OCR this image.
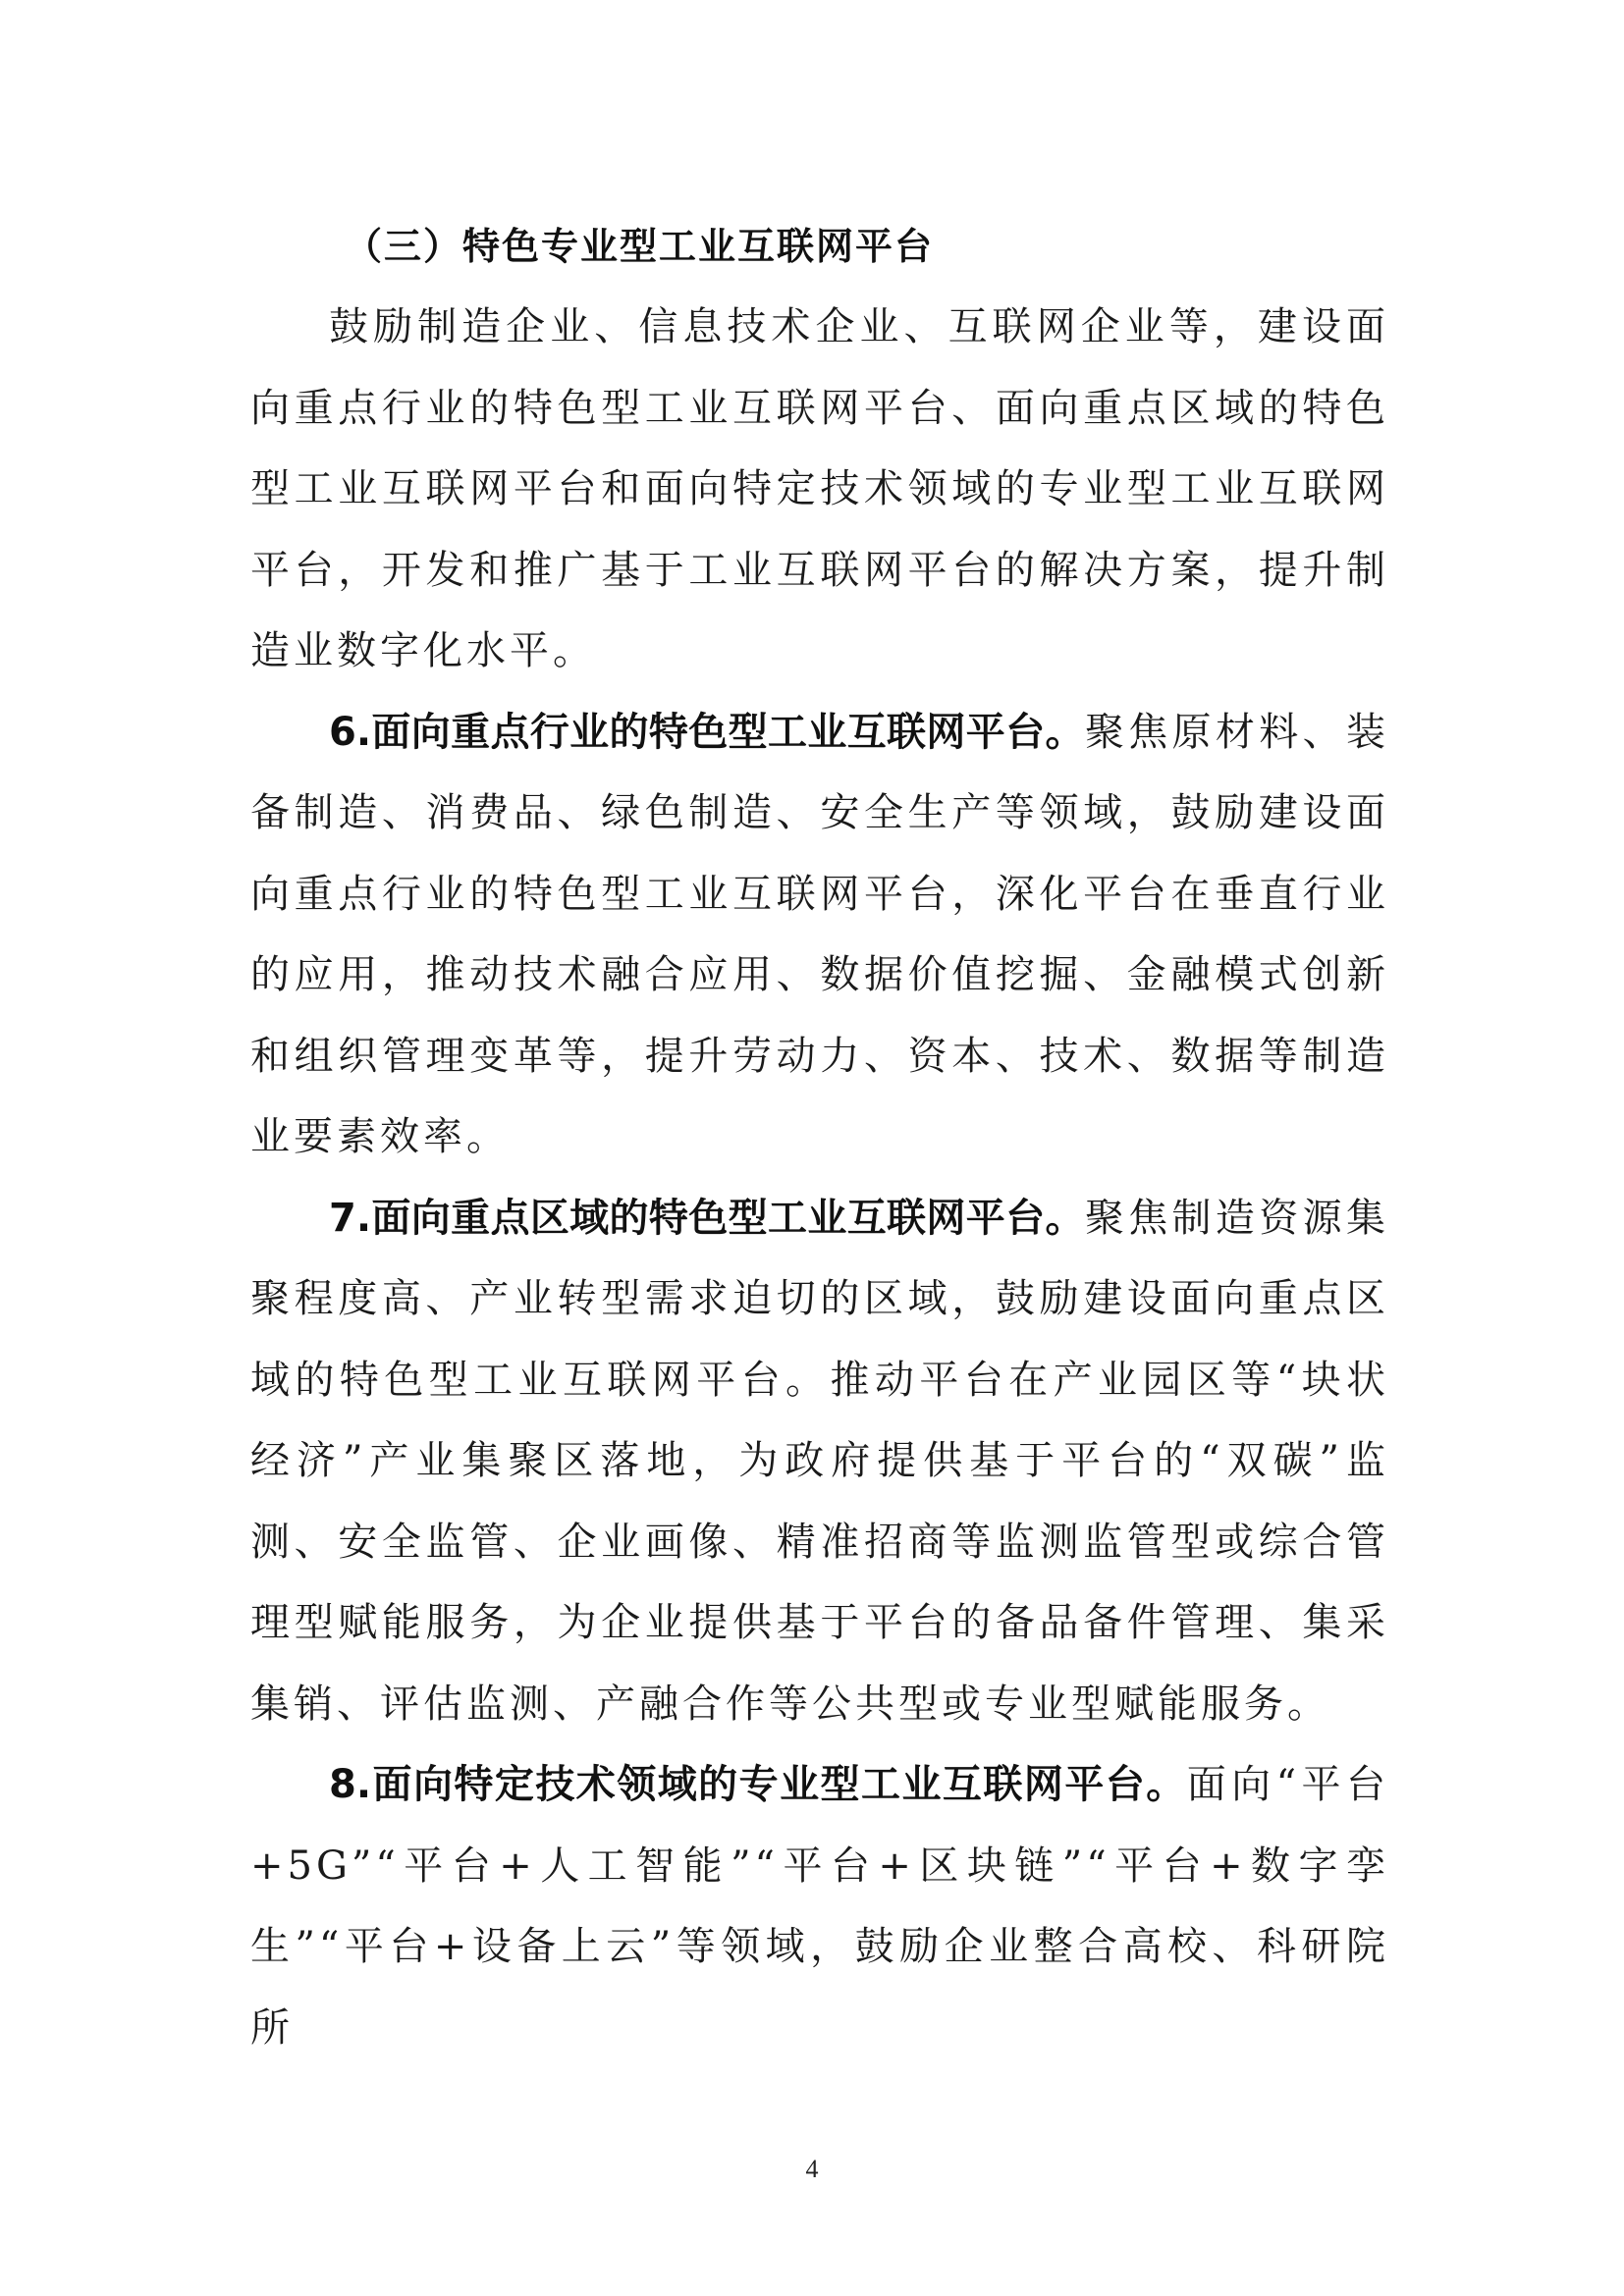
（三）特色专业型工业互联网平台

鼓励制造企业、信息技术企业、互联网企业等，建设面向重点行业的特色型工业互联网平台、面向重点区域的特色型工业互联网平台和面向特定技术领域的专业型工业互联网平台，开发和推广基于工业互联网平台的解决方案，提升制造业数字化水平。

6.面向重点行业的特色型工业互联网平台。聚焦原材料、装备制造、消费品、绿色制造、安全生产等领域，鼓励建设面向重点行业的特色型工业互联网平台，深化平台在垂直行业的应用，推动技术融合应用、数据价值挖掘、金融模式创新和组织管理变革等，提升劳动力、资本、技术、数据等制造业要素效率。

7.面向重点区域的特色型工业互联网平台。聚焦制造资源集聚程度高、产业转型需求迫切的区域，鼓励建设面向重点区域的特色型工业互联网平台。推动平台在产业园区等“块状经济”产业集聚区落地，为政府提供基于平台的“双碳”监测、安全监管、企业画像、精准招商等监测监管型或综合管理型赋能服务，为企业提供基于平台的备品备件管理、集采集销、评估监测、产融合作等公共型或专业型赋能服务。

8.面向特定技术领域的专业型工业互联网平台。面向“平台+5G”“平台+人工智能”“平台+区块链”“平台+数字孪生”“平台+设备上云”等领域，鼓励企业整合高校、科研院所

4
